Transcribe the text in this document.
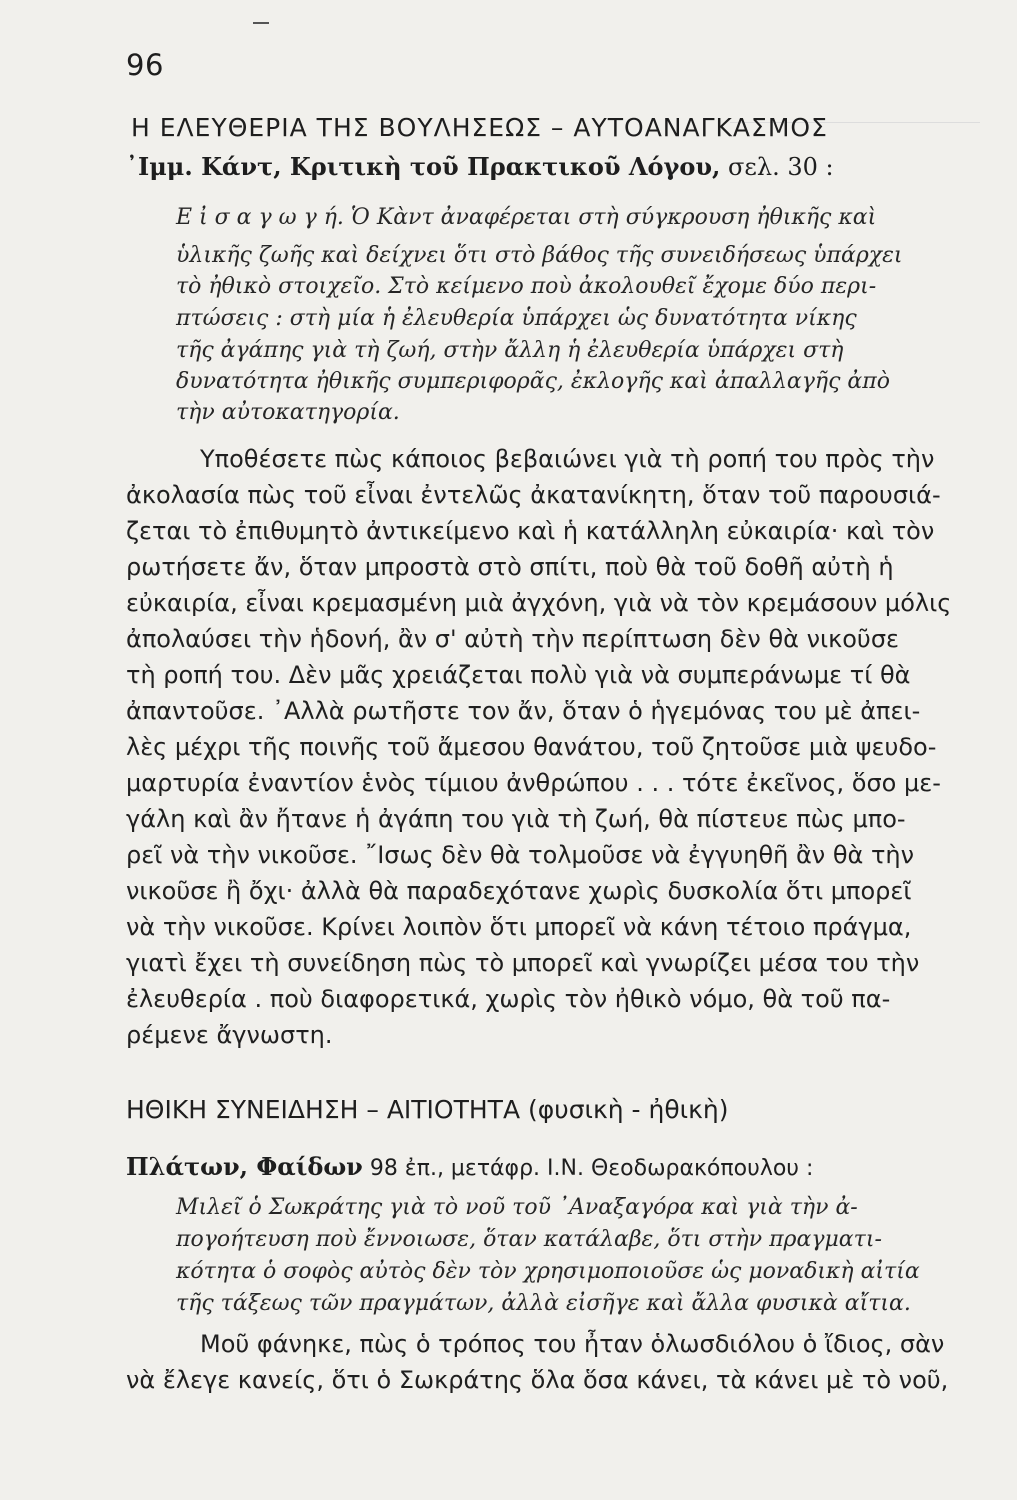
96
Η ΕΛΕΥΘΕΡΙΑ ΤΗΣ ΒΟΥΛΗΣΕΩΣ – ΑΥΤΟΑΝΑΓΚΑΣΜΟΣ
᾿Ιμμ. Κάντ, Κριτικὴ τοῦ Πρακτικοῦ Λόγου, σελ. 30 :
Ε ἰ σ α γ ω γ ή. Ὁ Κὰντ ἀναφέρεται στὴ σύγκρουση ἠθικῆς καὶ
ὑλικῆς ζωῆς καὶ δείχνει ὅτι στὸ βάθος τῆς συνειδήσεως ὑπάρχει
τὸ ἠθικὸ στοιχεῖο. Στὸ κείμενο ποὺ ἀκολουθεῖ ἔχομε δύο περι-
πτώσεις : στὴ μία ἡ ἐλευθερία ὑπάρχει ὡς δυνατότητα νίκης
τῆς ἀγάπης γιὰ τὴ ζωή, στὴν ἄλλη ἡ ἐλευθερία ὑπάρχει στὴ
δυνατότητα ἠθικῆς συμπεριφορᾶς, ἐκλογῆς καὶ ἀπαλλαγῆς ἀπὸ
τὴν αὐτοκατηγορία.
Υποθέσετε πὼς κάποιος βεβαιώνει γιὰ τὴ ροπή του πρὸς τὴν
ἀκολασία πὼς τοῦ εἶναι ἐντελῶς ἀκατανίκητη, ὅταν τοῦ παρουσιά-
ζεται τὸ ἐπιθυμητὸ ἀντικείμενο καὶ ἡ κατάλληλη εὐκαιρία· καὶ τὸν
ρωτήσετε ἄν, ὅταν μπροστὰ στὸ σπίτι, ποὺ θὰ τοῦ δοθῆ αὐτὴ ἡ
εὐκαιρία, εἶναι κρεμασμένη μιὰ ἀγχόνη, γιὰ νὰ τὸν κρεμάσουν μόλις
ἀπολαύσει τὴν ἡδονή, ἂν σ' αὐτὴ τὴν περίπτωση δὲν θὰ νικοῦσε
τὴ ροπή του. Δὲν μᾶς χρειάζεται πολὺ γιὰ νὰ συμπεράνωμε τί θὰ
ἀπαντοῦσε. ᾿Αλλὰ ρωτῆστε τον ἄν, ὅταν ὁ ἡγεμόνας του μὲ ἀπει-
λὲς μέχρι τῆς ποινῆς τοῦ ἄμεσου θανάτου, τοῦ ζητοῦσε μιὰ ψευδο-
μαρτυρία ἐναντίον ἑνὸς τίμιου ἀνθρώπου . . . τότε ἐκεῖνος, ὅσο με-
γάλη καὶ ἂν ἤτανε ἡ ἀγάπη του γιὰ τὴ ζωή, θὰ πίστευε πὼς μπο-
ρεῖ νὰ τὴν νικοῦσε. ῎Ισως δὲν θὰ τολμοῦσε νὰ ἐγγυηθῆ ἂν θὰ τὴν
νικοῦσε ἢ ὄχι· ἀλλὰ θὰ παραδεχότανε χωρὶς δυσκολία ὅτι μπορεῖ
νὰ τὴν νικοῦσε. Κρίνει λοιπὸν ὅτι μπορεῖ νὰ κάνη τέτοιο πράγμα,
γιατὶ ἔχει τὴ συνείδηση πὼς τὸ μπορεῖ καὶ γνωρίζει μέσα του τὴν
ἐλευθερία . ποὺ διαφορετικά, χωρὶς τὸν ἠθικὸ νόμο, θὰ τοῦ πα-
ρέμενε ἄγνωστη.
ΗΘΙΚΗ ΣΥΝΕΙΔΗΣΗ – ΑΙΤΙΟΤΗΤΑ (φυσικὴ - ἠθικὴ)
Πλάτων, Φαίδων 98 ἐπ., μετάφρ. Ι.Ν. Θεοδωρακόπουλου :
Μιλεῖ ὁ Σωκράτης γιὰ τὸ νοῦ τοῦ ᾿Αναξαγόρα καὶ γιὰ τὴν ἀ-
πογοήτευση ποὺ ἔννοιωσε, ὅταν κατάλαβε, ὅτι στὴν πραγματι-
κότητα ὁ σοφὸς αὐτὸς δὲν τὸν χρησιμοποιοῦσε ὡς μοναδικὴ αἰτία
τῆς τάξεως τῶν πραγμάτων, ἀλλὰ εἰσῆγε καὶ ἄλλα φυσικὰ αἴτια.
Μοῦ φάνηκε, πὼς ὁ τρόπος του ἦταν ὁλωσδιόλου ὁ ἴδιος, σὰν
νὰ ἔλεγε κανείς, ὅτι ὁ Σωκράτης ὅλα ὅσα κάνει, τὰ κάνει μὲ τὸ νοῦ,
